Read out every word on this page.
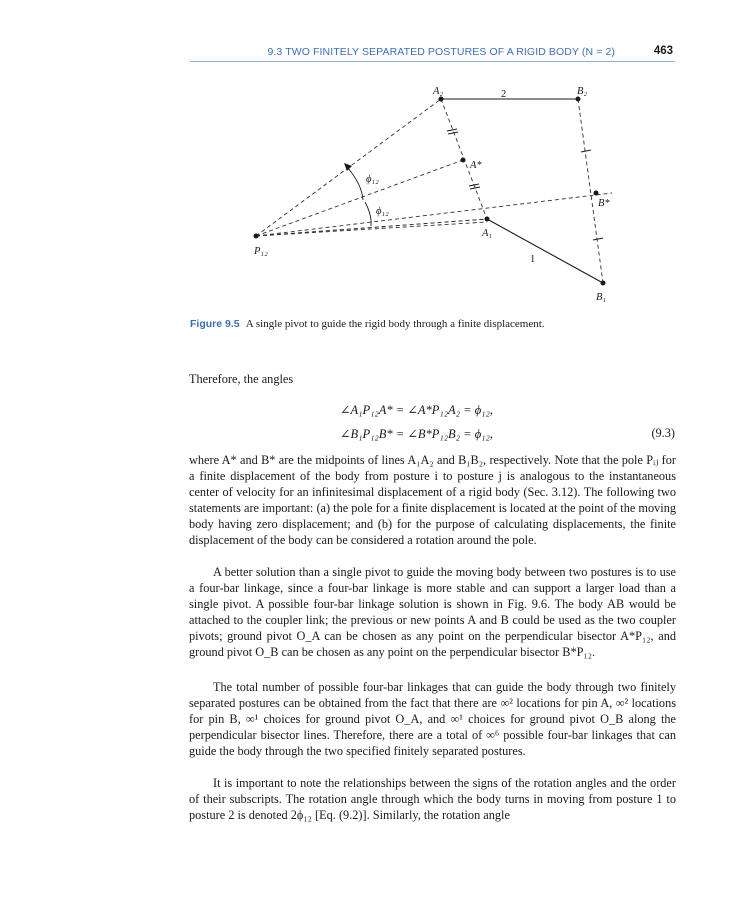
9.3 TWO FINITELY SEPARATED POSTURES OF A RIGID BODY (N = 2)	463
A₂	2	B₂
A*
ϕ₁₂
ϕ₁₂
B*
A₁
1
P₁₂
B₁
Figure 9.5 A single pivot to guide the rigid body through a finite displacement.
Therefore, the angles
∠A₁P₁₂A* = ∠A*P₁₂A₂ = ϕ₁₂,
∠B₁P₁₂B* = ∠B*P₁₂B₂ = ϕ₁₂,	(9.3)
where A* and B* are the midpoints of lines A₁A₂ and B₁B₂, respectively. Note that the pole Pᵢⱼ for a finite displacement of the body from posture i to posture j is analogous to the instantaneous center of velocity for an infinitesimal displacement of a rigid body (Sec. 3.12). The following two statements are important: (a) the pole for a finite displacement is located at the point of the moving body having zero displacement; and (b) for the purpose of calculating displacements, the finite displacement of the body can be considered a rotation around the pole.
A better solution than a single pivot to guide the moving body between two postures is to use a four-bar linkage, since a four-bar linkage is more stable and can support a larger load than a single pivot. A possible four-bar linkage solution is shown in Fig. 9.6. The body AB would be attached to the coupler link; the previous or new points A and B could be used as the two coupler pivots; ground pivot O_A can be chosen as any point on the perpendicular bisector A*P₁₂, and ground pivot O_B can be chosen as any point on the perpendicular bisector B*P₁₂.
The total number of possible four-bar linkages that can guide the body through two finitely separated postures can be obtained from the fact that there are ∞² locations for pin A, ∞² locations for pin B, ∞¹ choices for ground pivot O_A, and ∞¹ choices for ground pivot O_B along the perpendicular bisector lines. Therefore, there are a total of ∞⁶ possible four-bar linkages that can guide the body through the two specified finitely separated postures.
It is important to note the relationships between the signs of the rotation angles and the order of their subscripts. The rotation angle through which the body turns in moving from posture 1 to posture 2 is denoted 2ϕ₁₂ [Eq. (9.2)]. Similarly, the rotation angle
